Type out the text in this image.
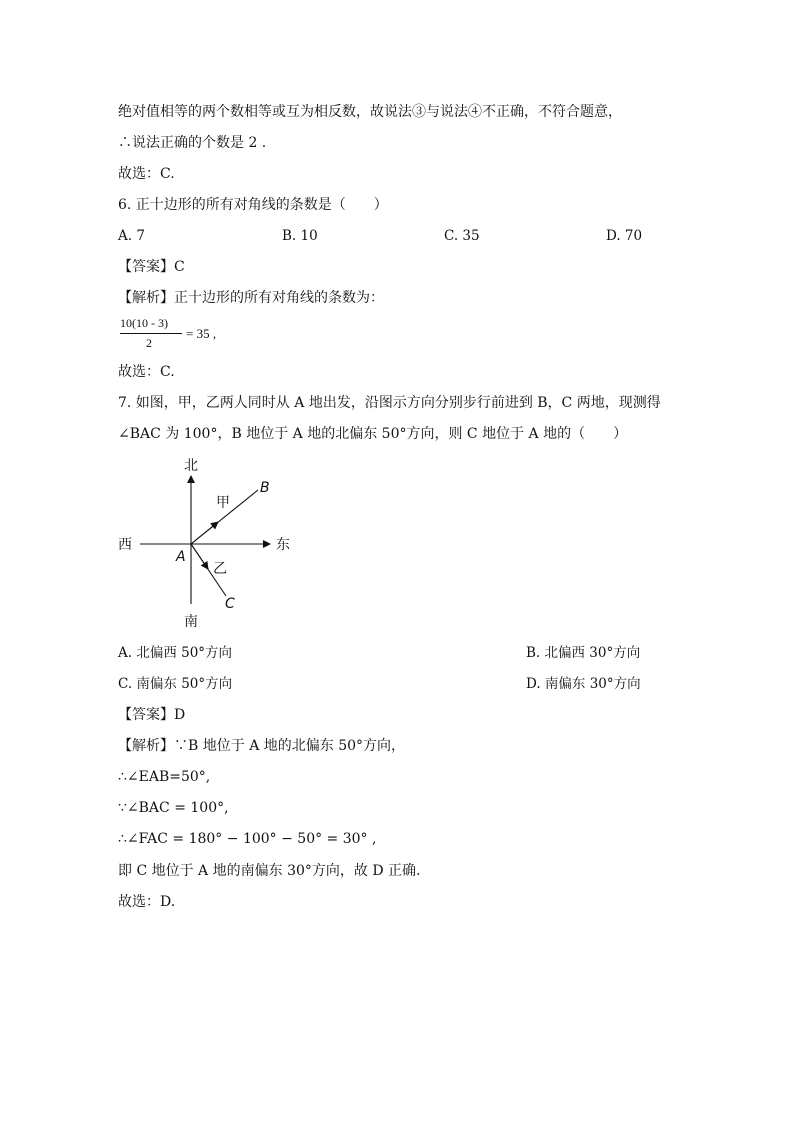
绝对值相等的两个数相等或互为相反数，故说法③与说法④不正确，不符合题意，
∴说法正确的个数是 2 .
故选：C.
6. 正十边形的所有对角线的条数是（　　）
A. 7	B. 10	C. 35	D. 70
【答案】C
【解析】正十边形的所有对角线的条数为：
10(10 - 3)
2
= 35 ,
故选：C.
7. 如图，甲，乙两人同时从 A 地出发，沿图示方向分别步行前进到 B，C 两地，现测得
∠BAC 为 100°，B 地位于 A 地的北偏东 50°方向，则 C 地位于 A 地的（　　）
北
南
西	东
甲
乙
A
B
C
A. 北偏西 50°方向	B. 北偏西 30°方向
C. 南偏东 50°方向	D. 南偏东 30°方向
【答案】D
【解析】∵B 地位于 A 地的北偏东 50°方向，
∴∠EAB=50°,
∵∠BAC = 100°,
∴∠FAC = 180° − 100° − 50° = 30° ,
即 C 地位于 A 地的南偏东 30°方向，故 D 正确.
故选：D.
